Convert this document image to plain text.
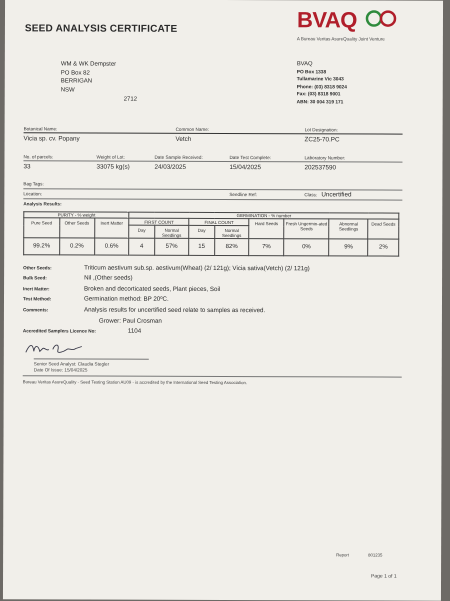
SEED ANALYSIS CERTIFICATE	BVAQ
A Bureau Veritas AsureQuality Joint Venture
WM & WK Dempster
PO Box 82
BERRIGAN
NSW
2712
BVAQ
PO Box 1338
Tullamarine Vic 3043
Phone: (03) 8318 9024
Fax: (03) 8318 9001
ABN: 30 004 319 171
Botanical Name:	Common Name:	Lot Designation:
Vicia sp. cv. Popany	Vetch	ZC25-70.PC
No. of parcels:	Weight of Lot:	Date Sample Received:	Date Test Complete:	Laboratory Number:
33	33075 kg(s)	24/03/2025	15/04/2025	202537590
Bag Tags:
Location:	Seedline Ref:	Class: Uncertified
Analysis Results:
PURITY - % weight			GERMINATION - % number							
Pure Seed	Other Seeds	Inert Matter	FIRST COUNT		FINAL COUNT		Hard Seeds	Fresh Ungermin-ated Seeds	Abnormal Seedlings	Dead Seeds
			Day	Normal Seedlings	Day	Normal Seedlings				
99.2%	0.2%	0.6%	4	57%	15	82%	7%	0%	9%	2%
Other Seeds:	Triticum aestivum sub.sp. aestivum(Wheat) (2/ 121g); Vicia sativa(Vetch) (2/ 121g)
Bulk Seed:	Nil ,(Other seeds)
Inert Matter:	Broken and decorticated seeds, Plant pieces, Soil
Test Method:	Germination method: BP 20ºC.
Comments:	Analysis results for uncertified seed relate to samples as received.
Grower: Paul Crosman
Accredited Samplers Licence No:	1104
Senior Seed Analyst: Claudia Stegler
Date Of Issue: 15/04/2025
Bureau Veritas AsureQuality - Seed Testing Station AU09 - is accredited by the International Seed Testing Association.
Report	801235
Page 1 of 1
